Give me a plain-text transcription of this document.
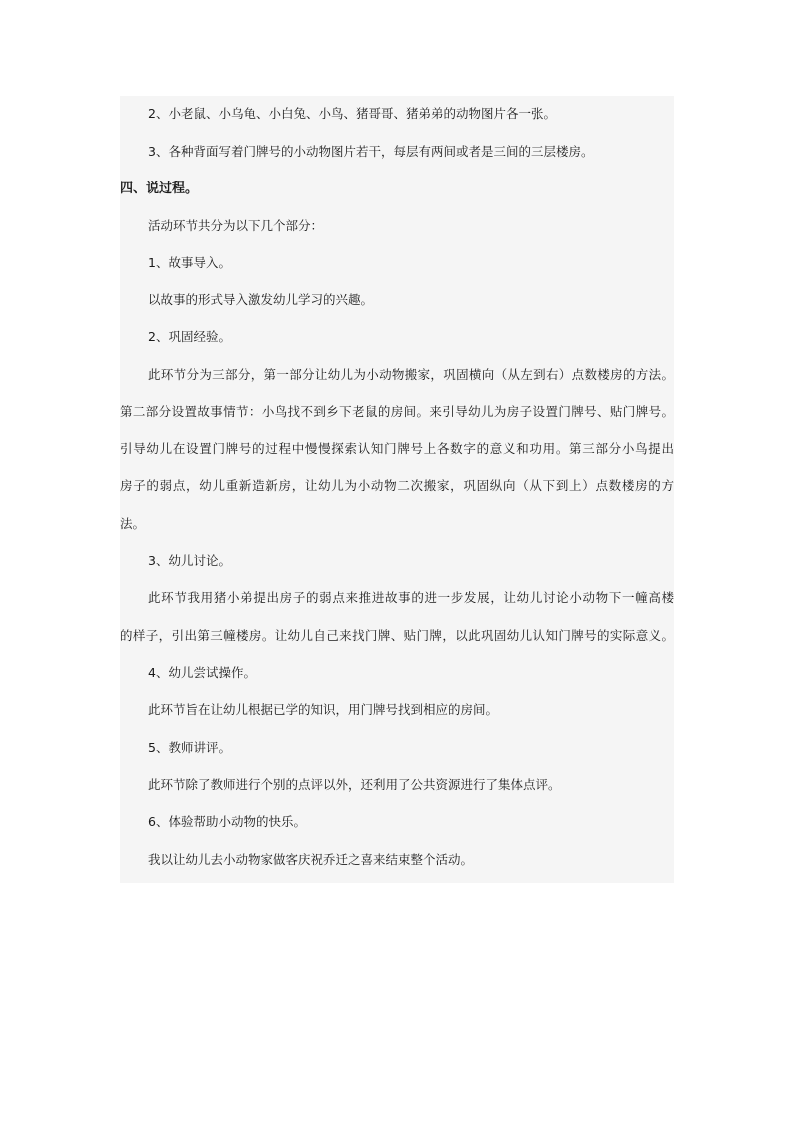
2、小老鼠、小乌龟、小白兔、小鸟、猪哥哥、猪弟弟的动物图片各一张。
3、各种背面写着门牌号的小动物图片若干，每层有两间或者是三间的三层楼房。
四、说过程。
活动环节共分为以下几个部分：
1、故事导入。
以故事的形式导入激发幼儿学习的兴趣。
2、巩固经验。
此环节分为三部分，第一部分让幼儿为小动物搬家，巩固横向（从左到右）点数楼房的方法。
第二部分设置故事情节：小鸟找不到乡下老鼠的房间。来引导幼儿为房子设置门牌号、贴门牌号。
引导幼儿在设置门牌号的过程中慢慢探索认知门牌号上各数字的意义和功用。第三部分小鸟提出
房子的弱点，幼儿重新造新房，让幼儿为小动物二次搬家，巩固纵向（从下到上）点数楼房的方
法。
3、幼儿讨论。
此环节我用猪小弟提出房子的弱点来推进故事的进一步发展，让幼儿讨论小动物下一幢高楼
的样子，引出第三幢楼房。让幼儿自己来找门牌、贴门牌，以此巩固幼儿认知门牌号的实际意义。
4、幼儿尝试操作。
此环节旨在让幼儿根据已学的知识，用门牌号找到相应的房间。
5、教师讲评。
此环节除了教师进行个别的点评以外，还利用了公共资源进行了集体点评。
6、体验帮助小动物的快乐。
我以让幼儿去小动物家做客庆祝乔迁之喜来结束整个活动。
